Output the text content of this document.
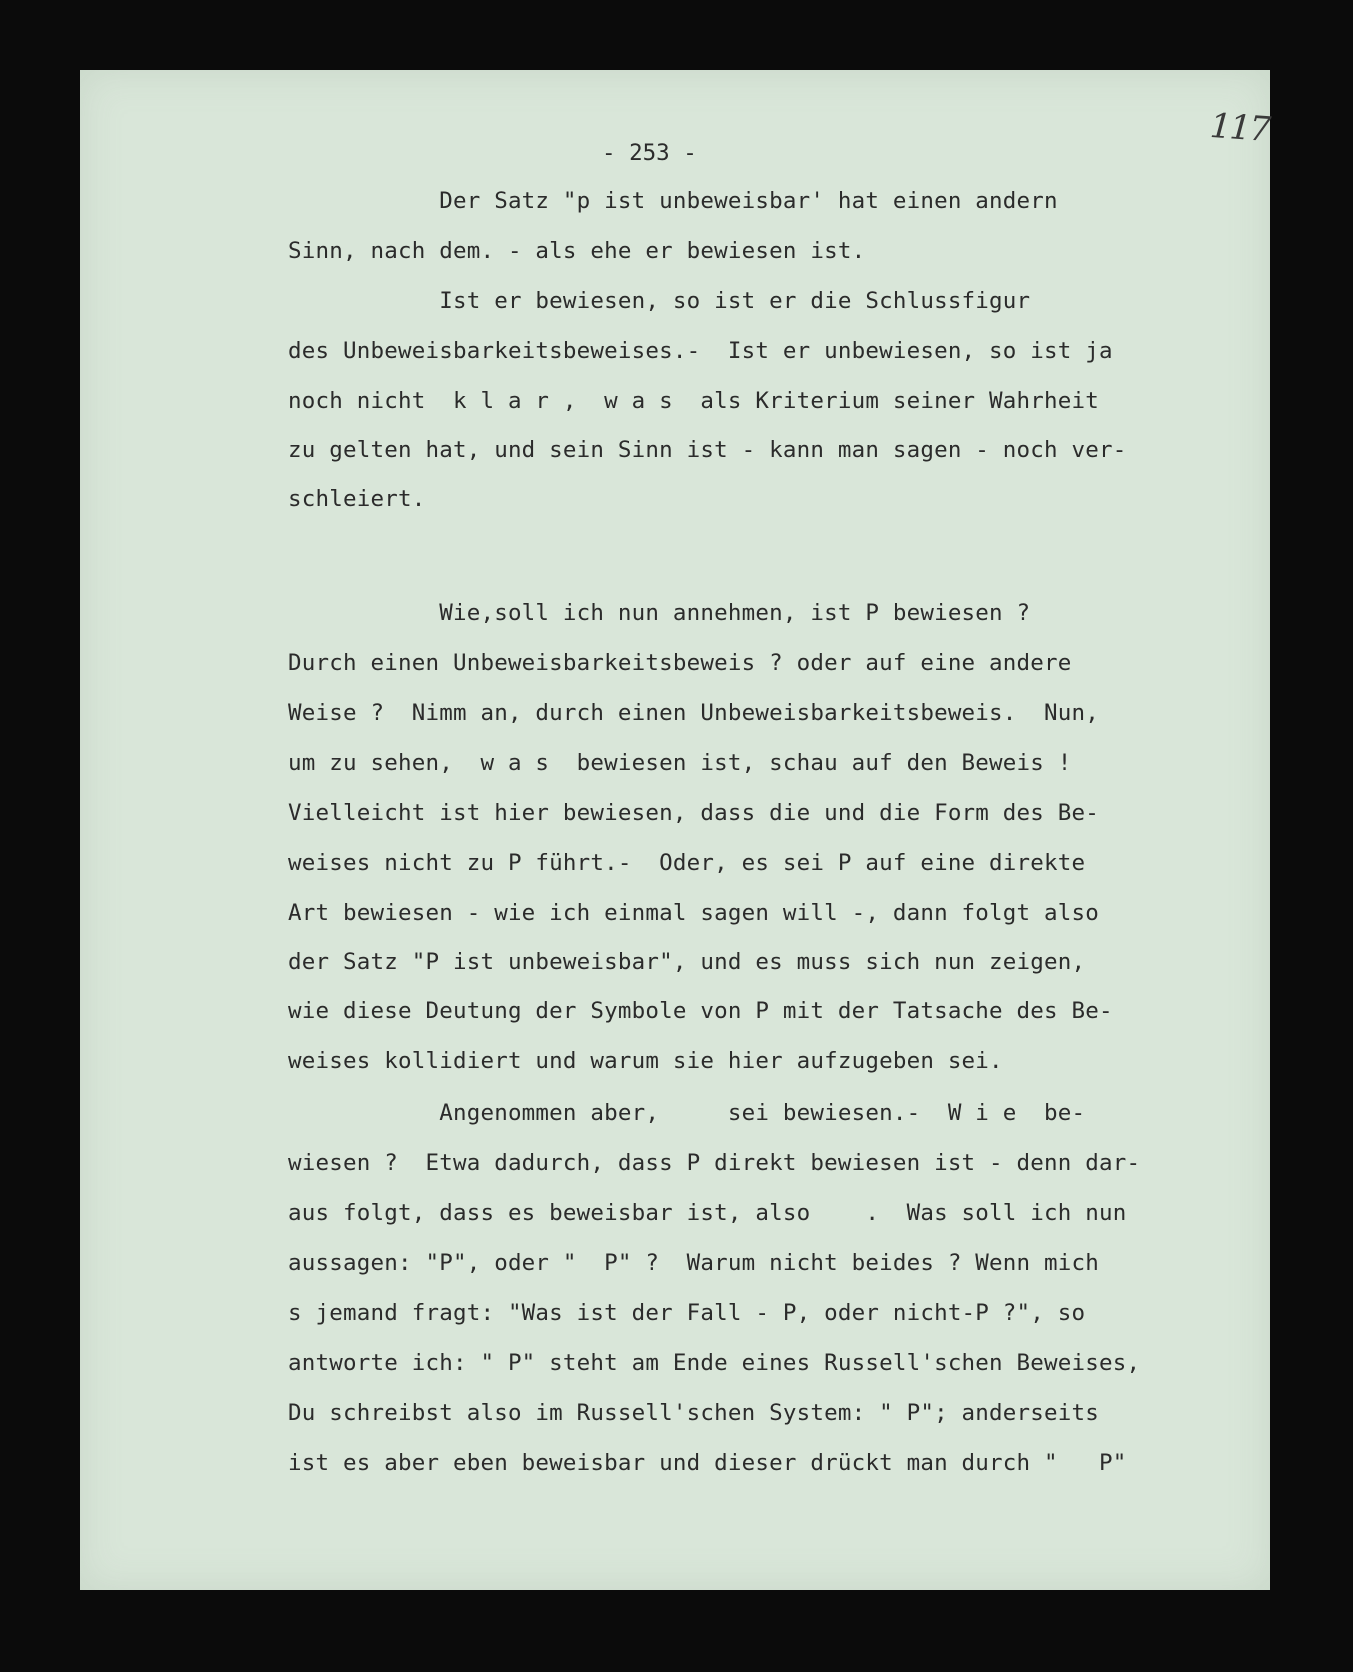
117
- 253 -
Der Satz "p ist unbeweisbar' hat einen andern
Sinn, nach dem. - als ehe er bewiesen ist.
Ist er bewiesen, so ist er die Schlussfigur
des Unbeweisbarkeitsbeweises.-  Ist er unbewiesen, so ist ja
noch nicht  k l a r ,  w a s  als Kriterium seiner Wahrheit
zu gelten hat, und sein Sinn ist - kann man sagen - noch ver-
schleiert.
Wie,soll ich nun annehmen, ist P bewiesen ?
Durch einen Unbeweisbarkeitsbeweis ? oder auf eine andere
Weise ?  Nimm an, durch einen Unbeweisbarkeitsbeweis.  Nun,
um zu sehen,  w a s  bewiesen ist, schau auf den Beweis !
Vielleicht ist hier bewiesen, dass die und die Form des Be-
weises nicht zu P führt.-  Oder, es sei P auf eine direkte
Art bewiesen - wie ich einmal sagen will -, dann folgt also
der Satz "P ist unbeweisbar", und es muss sich nun zeigen,
wie diese Deutung der Symbole von P mit der Tatsache des Be-
weises kollidiert und warum sie hier aufzugeben sei.
Angenommen aber,     sei bewiesen.-  W i e  be-
wiesen ?  Etwa dadurch, dass P direkt bewiesen ist - denn dar-
aus folgt, dass es beweisbar ist, also    .  Was soll ich nun
aussagen: "P", oder "  P" ?  Warum nicht beides ? Wenn mich
s jemand fragt: "Was ist der Fall - P, oder nicht-P ?", so
antworte ich: " P" steht am Ende eines Russell'schen Beweises,
Du schreibst also im Russell'schen System: " P"; anderseits
ist es aber eben beweisbar und dieser drückt man durch "   P"
